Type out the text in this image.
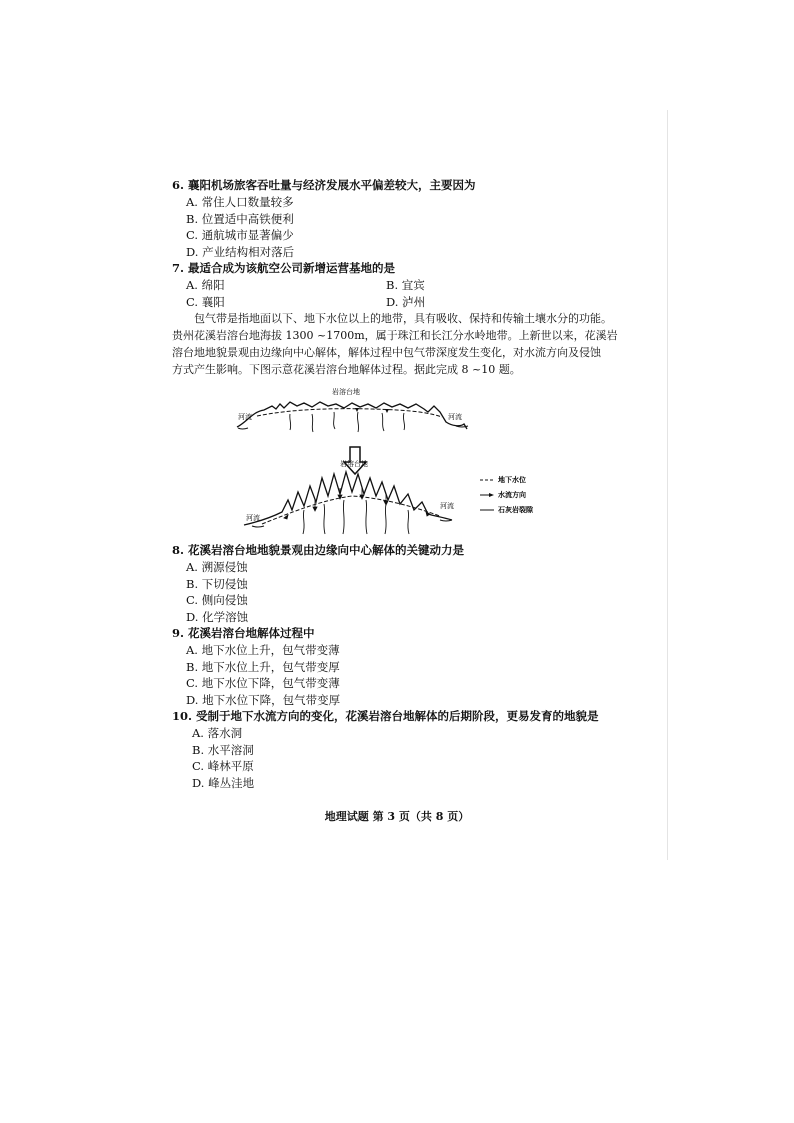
6. 襄阳机场旅客吞吐量与经济发展水平偏差较大，主要因为

A. 常住人口数量较多
B. 位置适中高铁便利
C. 通航城市显著偏少
D. 产业结构相对落后

7. 最适合成为该航空公司新增运营基地的是

A. 绵阳	B. 宜宾
C. 襄阳	D. 泸州

包气带是指地面以下、地下水位以上的地带，具有吸收、保持和传输土壤水分的功能。

贵州花溪岩溶台地海拔 1300 ~1700m，属于珠江和长江分水岭地带。上新世以来，花溪岩

溶台地地貌景观由边缘向中心解体，解体过程中包气带深度发生变化，对水流方向及侵蚀

方式产生影响。下图示意花溪岩溶台地解体过程。据此完成 8 ~10 题。

岩溶台地
河流	河流
岩溶台地
河流
河流
地下水位
水流方向
石灰岩裂隙

8. 花溪岩溶台地地貌景观由边缘向中心解体的关键动力是

A. 溯源侵蚀
B. 下切侵蚀
C. 侧向侵蚀
D. 化学溶蚀

9. 花溪岩溶台地解体过程中

A. 地下水位上升，包气带变薄
B. 地下水位上升，包气带变厚
C. 地下水位下降，包气带变薄
D. 地下水位下降，包气带变厚

10. 受制于地下水流方向的变化，花溪岩溶台地解体的后期阶段，更易发育的地貌是

A. 落水洞
B. 水平溶洞
C. 峰林平原
D. 峰丛洼地
地理试题 第 3 页（共 8 页）
